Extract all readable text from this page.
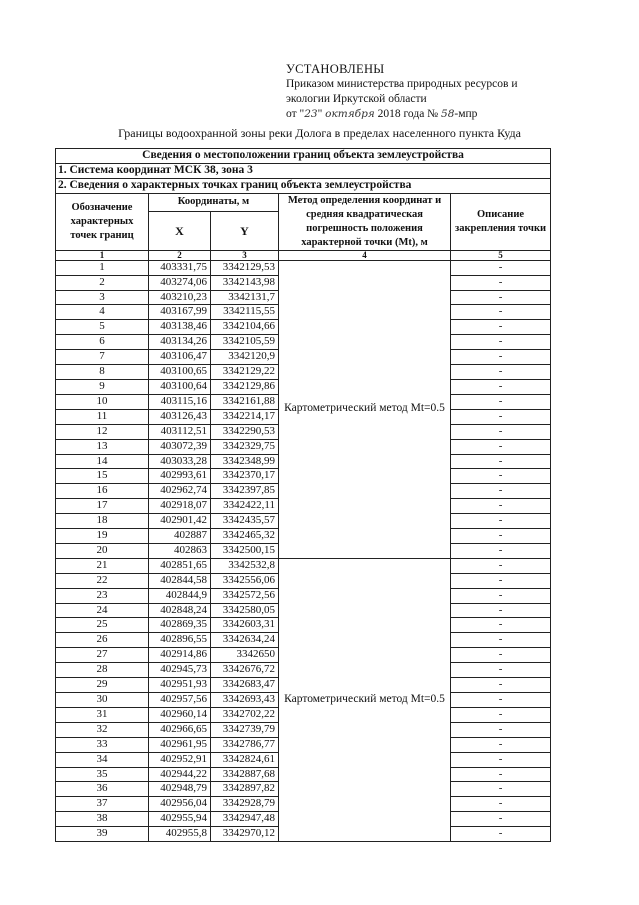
УСТАНОВЛЕНЫ
Приказом министерства природных ресурсов и
экологии Иркутской области
от "23" октября 2018 года № 58-мпр
Границы водоохранной зоны реки Долога в пределах населенного пункта Куда
Сведения о местоположении границ объекта землеустройства				
1. Система координат МСК 38, зона 3				
2. Сведения о характерных точках границ объекта землеустройства				
Обозначение характерных точек границ	Координаты, м		Метод определения координат и средняя квадратическая погрешность положения характерной точки (Мt), м	Описание закрепления точки
	X	Y		
1	2	3	4	5
1	403331,75	3342129,53	Картометрический метод Мt=0.5	-
2	403274,06	3342143,98		-
3	403210,23	3342131,7		-
4	403167,99	3342115,55		-
5	403138,46	3342104,66		-
6	403134,26	3342105,59		-
7	403106,47	3342120,9		-
8	403100,65	3342129,22		-
9	403100,64	3342129,86		-
10	403115,16	3342161,88		-
11	403126,43	3342214,17		-
12	403112,51	3342290,53		-
13	403072,39	3342329,75		-
14	403033,28	3342348,99		-
15	402993,61	3342370,17		-
16	402962,74	3342397,85		-
17	402918,07	3342422,11		-
18	402901,42	3342435,57		-
19	402887	3342465,32		-
20	402863	3342500,15		-
21	402851,65	3342532,8	Картометрический метод Мt=0.5	-
22	402844,58	3342556,06		-
23	402844,9	3342572,56		-
24	402848,24	3342580,05		-
25	402869,35	3342603,31		-
26	402896,55	3342634,24		-
27	402914,86	3342650		-
28	402945,73	3342676,72		-
29	402951,93	3342683,47		-
30	402957,56	3342693,43		-
31	402960,14	3342702,22		-
32	402966,65	3342739,79		-
33	402961,95	3342786,77		-
34	402952,91	3342824,61		-
35	402944,22	3342887,68		-
36	402948,79	3342897,82		-
37	402956,04	3342928,79		-
38	402955,94	3342947,48		-
39	402955,8	3342970,12		-
